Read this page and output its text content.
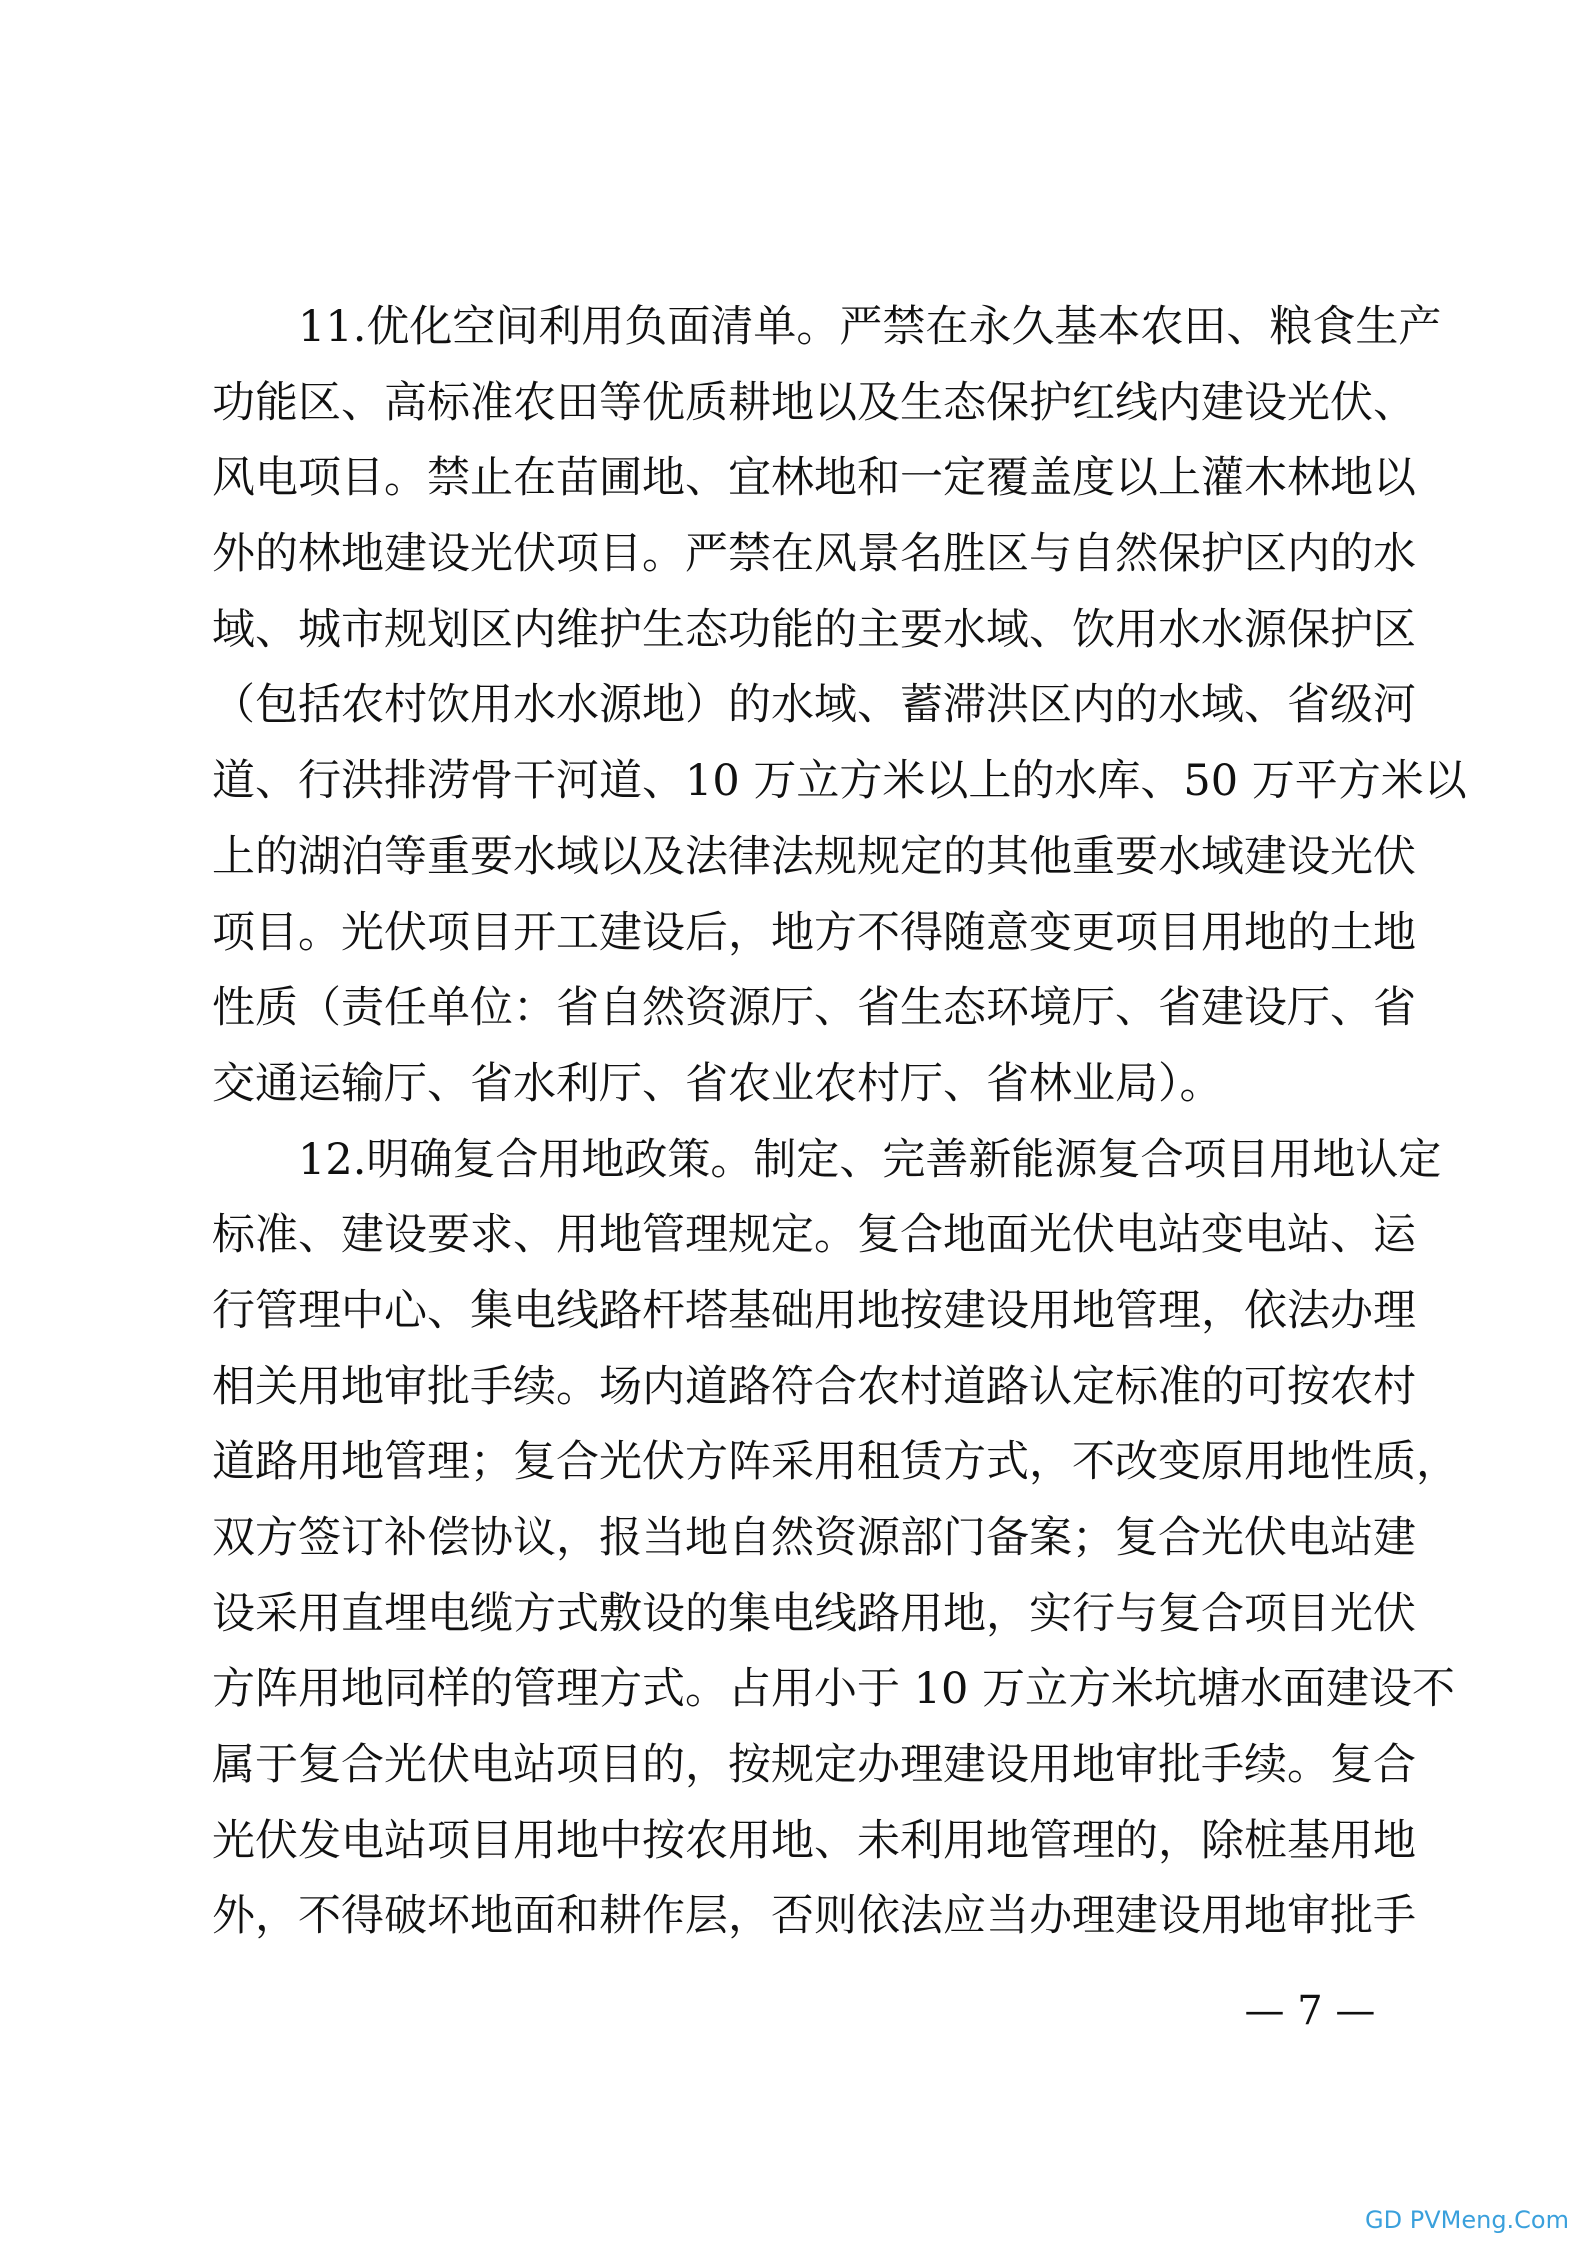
11.优化空间利用负面清单。严禁在永久基本农田、粮食生产
功能区、高标准农田等优质耕地以及生态保护红线内建设光伏、
风电项目。禁止在苗圃地、宜林地和一定覆盖度以上灌木林地以
外的林地建设光伏项目。严禁在风景名胜区与自然保护区内的水
域、城市规划区内维护生态功能的主要水域、饮用水水源保护区
（包括农村饮用水水源地）的水域、蓄滞洪区内的水域、省级河
道、行洪排涝骨干河道、10 万立方米以上的水库、50 万平方米以
上的湖泊等重要水域以及法律法规规定的其他重要水域建设光伏
项目。光伏项目开工建设后，地方不得随意变更项目用地的土地
性质（责任单位：省自然资源厅、省生态环境厅、省建设厅、省
交通运输厅、省水利厅、省农业农村厅、省林业局）。
12.明确复合用地政策。制定、完善新能源复合项目用地认定
标准、建设要求、用地管理规定。复合地面光伏电站变电站、运
行管理中心、集电线路杆塔基础用地按建设用地管理，依法办理
相关用地审批手续。场内道路符合农村道路认定标准的可按农村
道路用地管理；复合光伏方阵采用租赁方式，不改变原用地性质，
双方签订补偿协议，报当地自然资源部门备案；复合光伏电站建
设采用直埋电缆方式敷设的集电线路用地，实行与复合项目光伏
方阵用地同样的管理方式。占用小于 10 万立方米坑塘水面建设不
属于复合光伏电站项目的，按规定办理建设用地审批手续。复合
光伏发电站项目用地中按农用地、未利用地管理的，除桩基用地
外，不得破坏地面和耕作层，否则依法应当办理建设用地审批手
— 7 —
GD PVMeng.Com
